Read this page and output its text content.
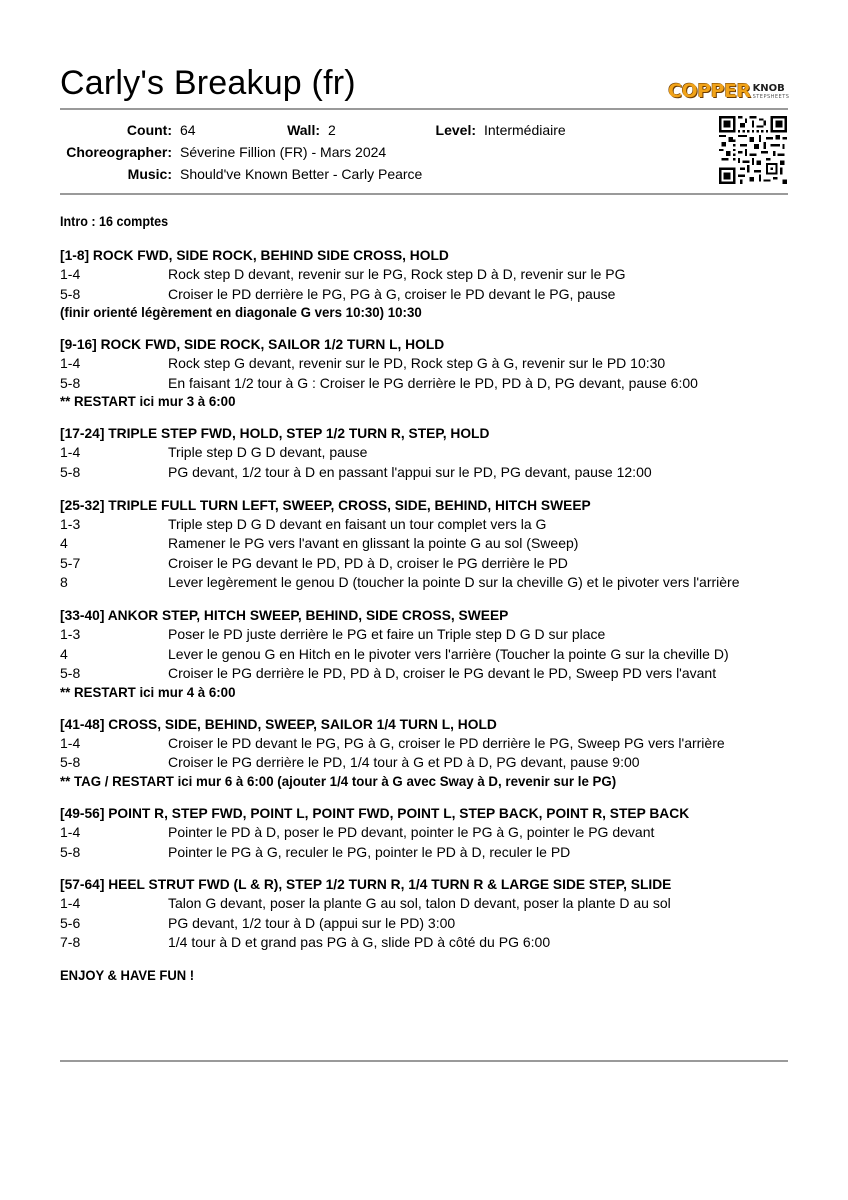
Carly's Breakup (fr)	COPPER KNOB
STEPSHEETS
Count: 64	Wall: 2	Level: Intermédiaire
Choreographer: Séverine Fillion (FR) - Mars 2024
Music: Should've Known Better - Carly Pearce
Intro : 16 comptes
[1-8] ROCK FWD, SIDE ROCK, BEHIND SIDE CROSS, HOLD
1-4	Rock step D devant, revenir sur le PG, Rock step D à D, revenir sur le PG
5-8	Croiser le PD derrière le PG, PG à G, croiser le PD devant le PG, pause
(finir orienté légèrement en diagonale G vers 10:30) 10:30
[9-16] ROCK FWD, SIDE ROCK, SAILOR 1/2 TURN L, HOLD
1-4	Rock step G devant, revenir sur le PD, Rock step G à G, revenir sur le PD 10:30
5-8	En faisant 1/2 tour à G : Croiser le PG derrière le PD, PD à D, PG devant, pause 6:00
** RESTART ici mur 3 à 6:00
[17-24] TRIPLE STEP FWD, HOLD, STEP 1/2 TURN R, STEP, HOLD
1-4	Triple step D G D devant, pause
5-8	PG devant, 1/2 tour à D en passant l'appui sur le PD, PG devant, pause 12:00
[25-32] TRIPLE FULL TURN LEFT, SWEEP, CROSS, SIDE, BEHIND, HITCH SWEEP
1-3	Triple step D G D devant en faisant un tour complet vers la G
4	Ramener le PG vers l'avant en glissant la pointe G au sol (Sweep)
5-7	Croiser le PG devant le PD, PD à D, croiser le PG derrière le PD
8	Lever legèrement le genou D (toucher la pointe D sur la cheville G) et le pivoter vers l'arrière
[33-40] ANKOR STEP, HITCH SWEEP, BEHIND, SIDE CROSS, SWEEP
1-3	Poser le PD juste derrière le PG et faire un Triple step D G D sur place
4	Lever le genou G en Hitch en le pivoter vers l'arrière (Toucher la pointe G sur la cheville D)
5-8	Croiser le PG derrière le PD, PD à D, croiser le PG devant le PD, Sweep PD vers l'avant
** RESTART ici mur 4 à 6:00
[41-48] CROSS, SIDE, BEHIND, SWEEP, SAILOR 1/4 TURN L, HOLD
1-4	Croiser le PD devant le PG, PG à G, croiser le PD derrière le PG, Sweep PG vers l'arrière
5-8	Croiser le PG derrière le PD, 1/4 tour à G et PD à D, PG devant, pause 9:00
** TAG / RESTART ici mur 6 à 6:00 (ajouter 1/4 tour à G avec Sway à D, revenir sur le PG)
[49-56] POINT R, STEP FWD, POINT L, POINT FWD, POINT L, STEP BACK, POINT R, STEP BACK
1-4	Pointer le PD à D, poser le PD devant, pointer le PG à G, pointer le PG devant
5-8	Pointer le PG à G, reculer le PG, pointer le PD à D, reculer le PD
[57-64] HEEL STRUT FWD (L & R), STEP 1/2 TURN R, 1/4 TURN R & LARGE SIDE STEP, SLIDE
1-4	Talon G devant, poser la plante G au sol, talon D devant, poser la plante D au sol
5-6	PG devant, 1/2 tour à D (appui sur le PD) 3:00
7-8	1/4 tour à D et grand pas PG à G, slide PD à côté du PG 6:00
ENJOY & HAVE FUN !
